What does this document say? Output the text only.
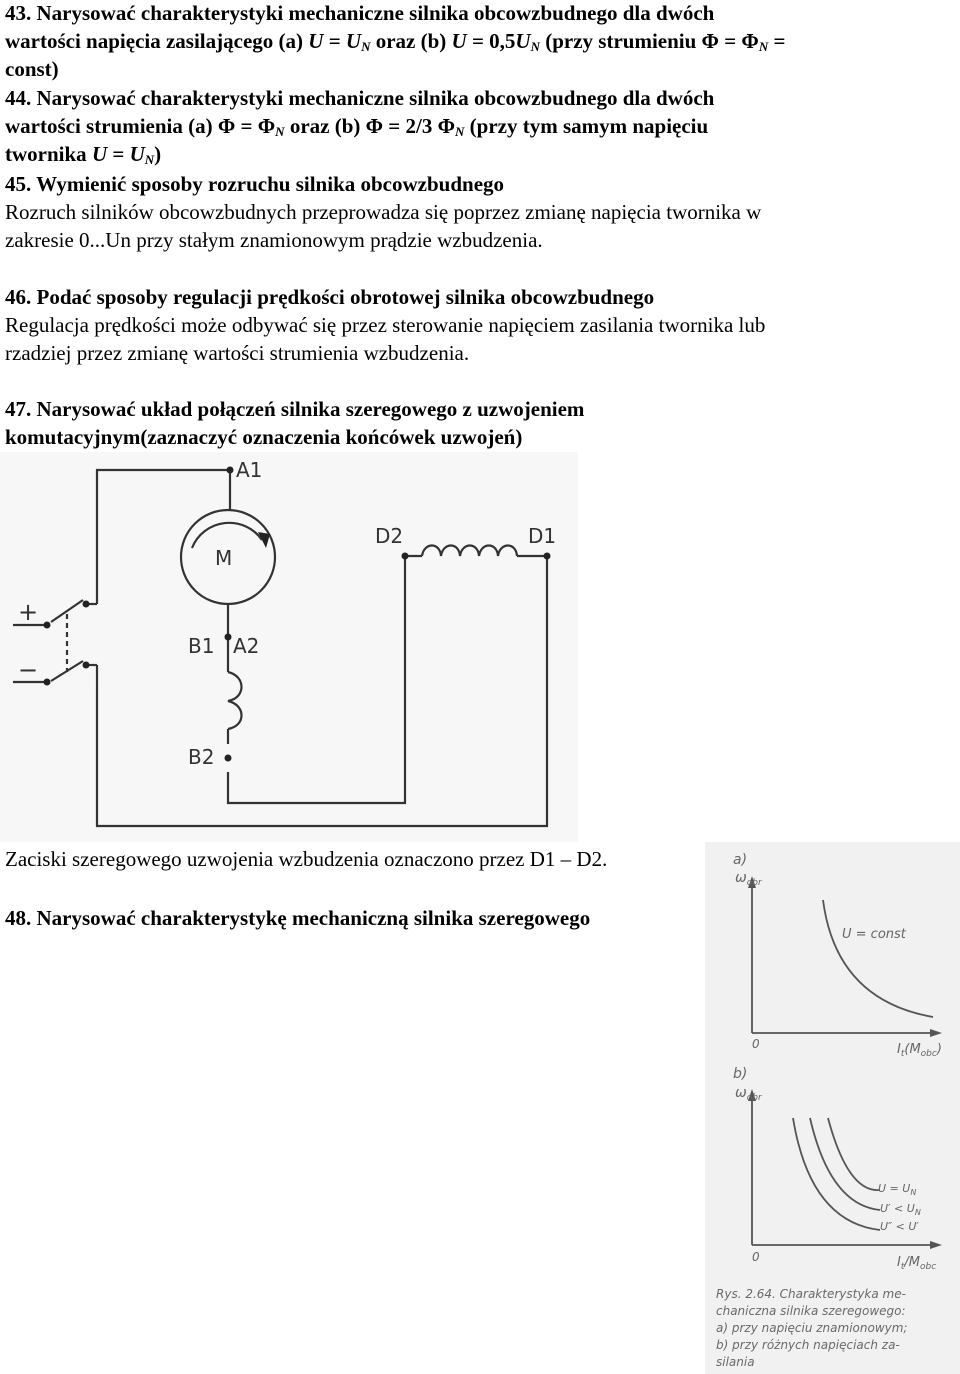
43. Narysować charakterystyki mechaniczne silnika obcowzbudnego dla dwóch
wartości napięcia zasilającego (a) $U = U_N$ oraz (b) $U = 0,5U_N$ (przy strumieniu $\Phi = \Phi_N$ =
const)
44. Narysować charakterystyki mechaniczne silnika obcowzbudnego dla dwóch
wartości strumienia (a) $\Phi = \Phi_N$ oraz (b) Φ = 2/3 $\Phi_N$ (przy tym samym napięciu
twornika $U = U_N$)
45. Wymienić sposoby rozruchu silnika obcowzbudnego
Rozruch silników obcowzbudnych przeprowadza się poprzez zmianę napięcia twornika w
zakresie 0...Un przy stałym znamionowym prądzie wzbudzenia.
46. Podać sposoby regulacji prędkości obrotowej silnika obcowzbudnego
Regulacja prędkości może odbywać się przez sterowanie napięciem zasilania twornika lub
rzadziej przez zmianę wartości strumienia wzbudzenia.
47. Narysować układ połączeń silnika szeregowego z uzwojeniem
komutacyjnym(zaznaczyć oznaczenia końcówek uzwojeń)
Zaciski szeregowego uzwojenia wzbudzenia oznaczono przez D1 – D2.
48. Narysować charakterystykę mechaniczną silnika szeregowego
A1
D2	D1
M
B1 A2
B2
+
−
a)
$\omega_{obr}$
0	$I_t(M_{obc})$
U = const
b)
$\omega_{obr}$
0	$I_t/M_{obc}$
$U = U_N$
$U' < U_N$
U″ < U′
Rys. 2.64. Charakterystyka me-
chaniczna silnika szeregowego:
a) przy napięciu znamionowym;
b) przy różnych napięciach za-
silania
